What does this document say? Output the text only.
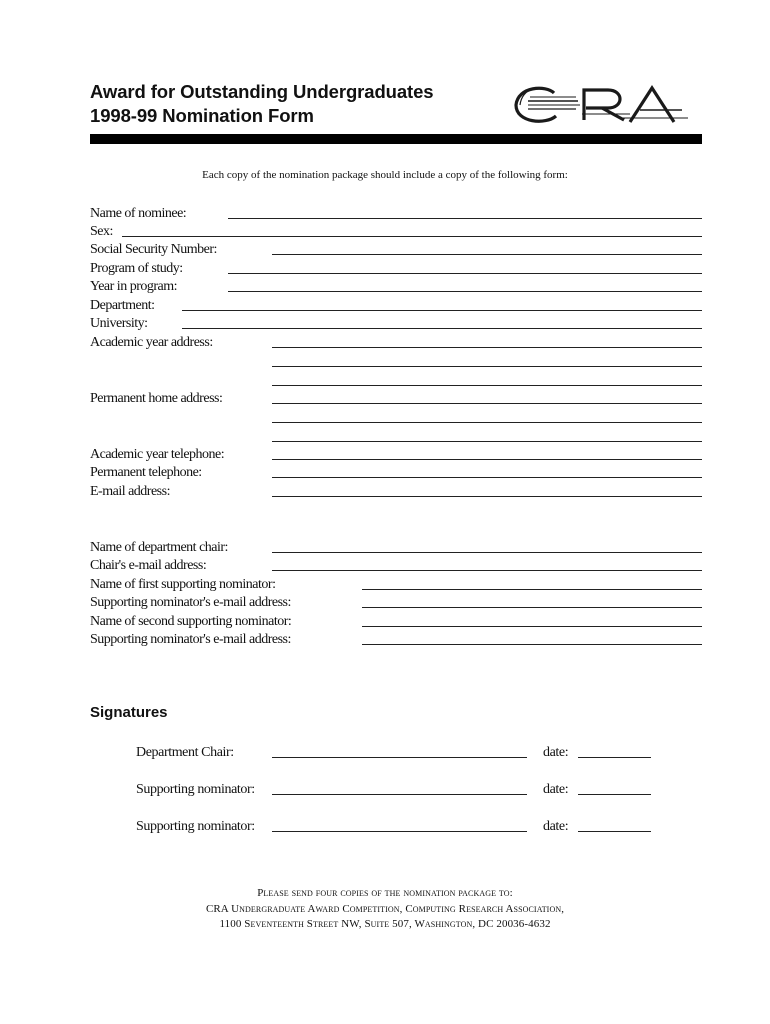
Award for Outstanding Undergraduates
1998-99 Nomination Form
Each copy of the nomination package should include a copy of the following form:
Name of nominee:
Sex:
Social Security Number:
Program of study:
Year in program:
Department:
University:
Academic year address:
Permanent home address:
Academic year telephone:
Permanent telephone:
E-mail address:
Name of department chair:
Chair's e-mail address:
Name of first supporting nominator:
Supporting nominator's e-mail address:
Name of second supporting nominator:
Supporting nominator's e-mail address:
Signatures
Department Chair:	date:
Supporting nominator:	date:
Supporting nominator:	date:
Please send four copies of the nomination package to:
CRA Undergraduate Award Competition, Computing Research Association,
1100 Seventeenth Street NW, Suite 507, Washington, DC 20036-4632
